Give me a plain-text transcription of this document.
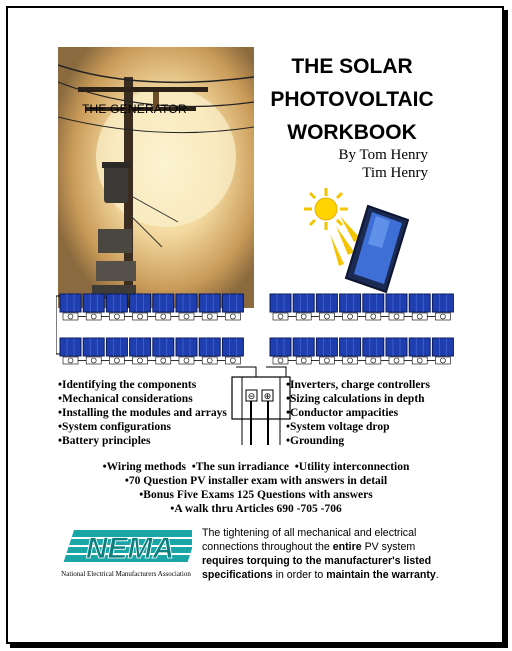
THE GENERATOR
THE SOLAR
PHOTOVOLTAIC
WORKBOOK
By Tom Henry
Tim Henry
⊖ ⊕
•Identifying the components
•Mechanical considerations
•Installing the modules and arrays
•System configurations
•Battery principles
•Inverters, charge controllers
•Sizing calculations in depth
•Conductor ampacities
•System voltage drop
•Grounding
•Wiring methods  •The sun irradiance  •Utility interconnection
•70 Question PV installer exam with answers in detail
•Bonus Five Exams 125 Questions with answers
•A walk thru Articles 690 -705 -706
NEMA
National Electrical Manufacturers Association
The tightening of all mechanical and electrical connections throughout the entire PV system requires torquing to the manufacturer's listed specifications in order to maintain the warranty.
